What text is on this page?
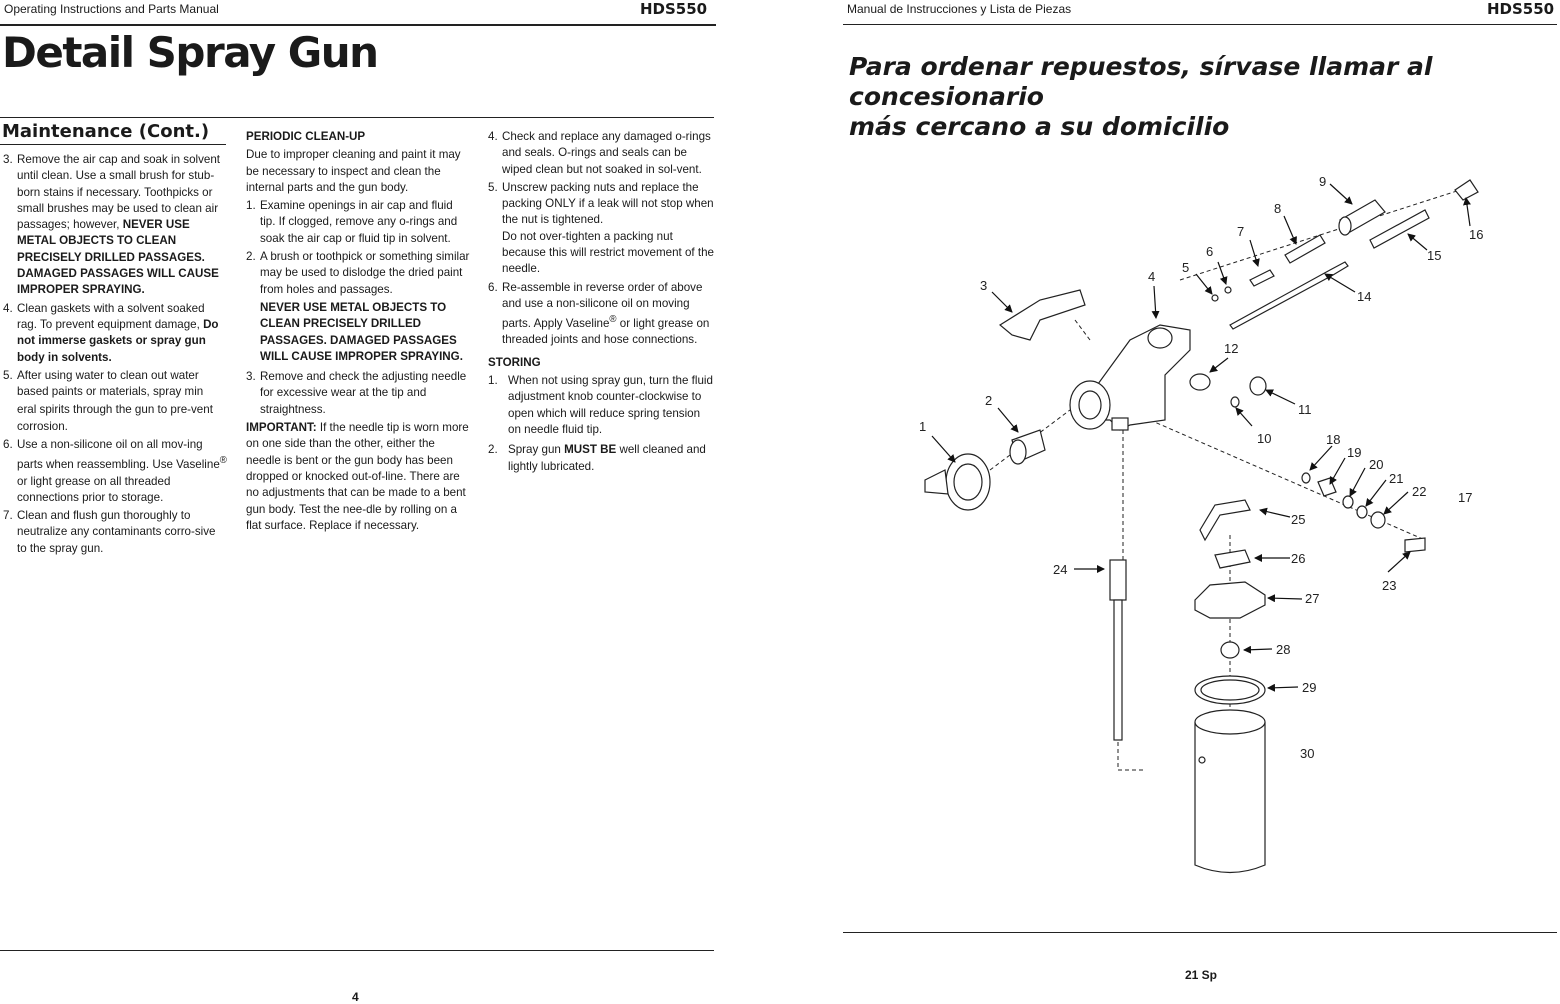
Operating Instructions and Parts Manual	HDS550
Detail Spray Gun
Maintenance (Cont.)
3. Remove the air cap and soak in solvent until clean. Use a small brush for stub-born stains if necessary. Toothpicks or small brushes may be used to clean air passages; however, NEVER USE METAL OBJECTS TO CLEAN PRECISELY DRILLED PASSAGES. DAMAGED PASSAGES WILL CAUSE IMPROPER SPRAYING.
4. Clean gaskets with a solvent soaked rag. To prevent equipment damage, Do not immerse gaskets or spray gun body in solvents.
5. After using water to clean out water based paints or materials, spray min
eral spirits through the gun to pre-vent corrosion.
6. Use a non-silicone oil on all mov-ing parts when reassembling. Use Vaseline® or light grease on all threaded connections prior to storage.
7. Clean and flush gun thoroughly to neutralize any contaminants corro-sive to the spray gun.
PERIODIC CLEAN-UP

Due to improper cleaning and paint it may be necessary to inspect and clean the internal parts and the gun body.

1. Examine openings in air cap and fluid tip. If clogged, remove any o-rings and soak the air cap or fluid tip in solvent.
2. A brush or toothpick or something similar may be used to dislodge the dried paint from holes and passages.
NEVER USE METAL OBJECTS TO CLEAN PRECISELY DRILLED PASSAGES. DAMAGED PASSAGES WILL CAUSE IMPROPER SPRAYING.
3. Remove and check the adjusting needle for excessive wear at the tip and straightness.

IMPORTANT: If the needle tip is worn more on one side than the other, either the needle is bent or the gun body has been dropped or knocked out-of-line. There are no adjustments that can be made to a bent gun body. Test the nee-dle by rolling on a flat surface. Replace if necessary.

4. Check and replace any damaged o-rings and seals. O-rings and seals can be wiped clean but not soaked in sol-vent.
5. Unscrew packing nuts and replace the packing ONLY if a leak will not stop when the nut is tightened.
Do not over-tighten a packing nut because this will restrict movement of the needle.
6. Re-assemble in reverse order of above and use a non-silicone oil on moving parts. Apply Vaseline® or light grease on threaded joints and hose connections.
STORING
1. When not using spray gun, turn the fluid adjustment knob counter-clockwise to open which will reduce spring tension on needle fluid tip.
2. Spray gun MUST BE well cleaned and lightly lubricated.
4
Manual de Instrucciones y Lista de Piezas	HDS550
Para ordenar repuestos, sírvase llamar al concesionario
más cercano a su domicilio
1
2
3
4
5
6
7
8
9
10
11
12
14
15
16
17
18
19
20
21
22
23
24
25
26
27
28
29
30
21 Sp
